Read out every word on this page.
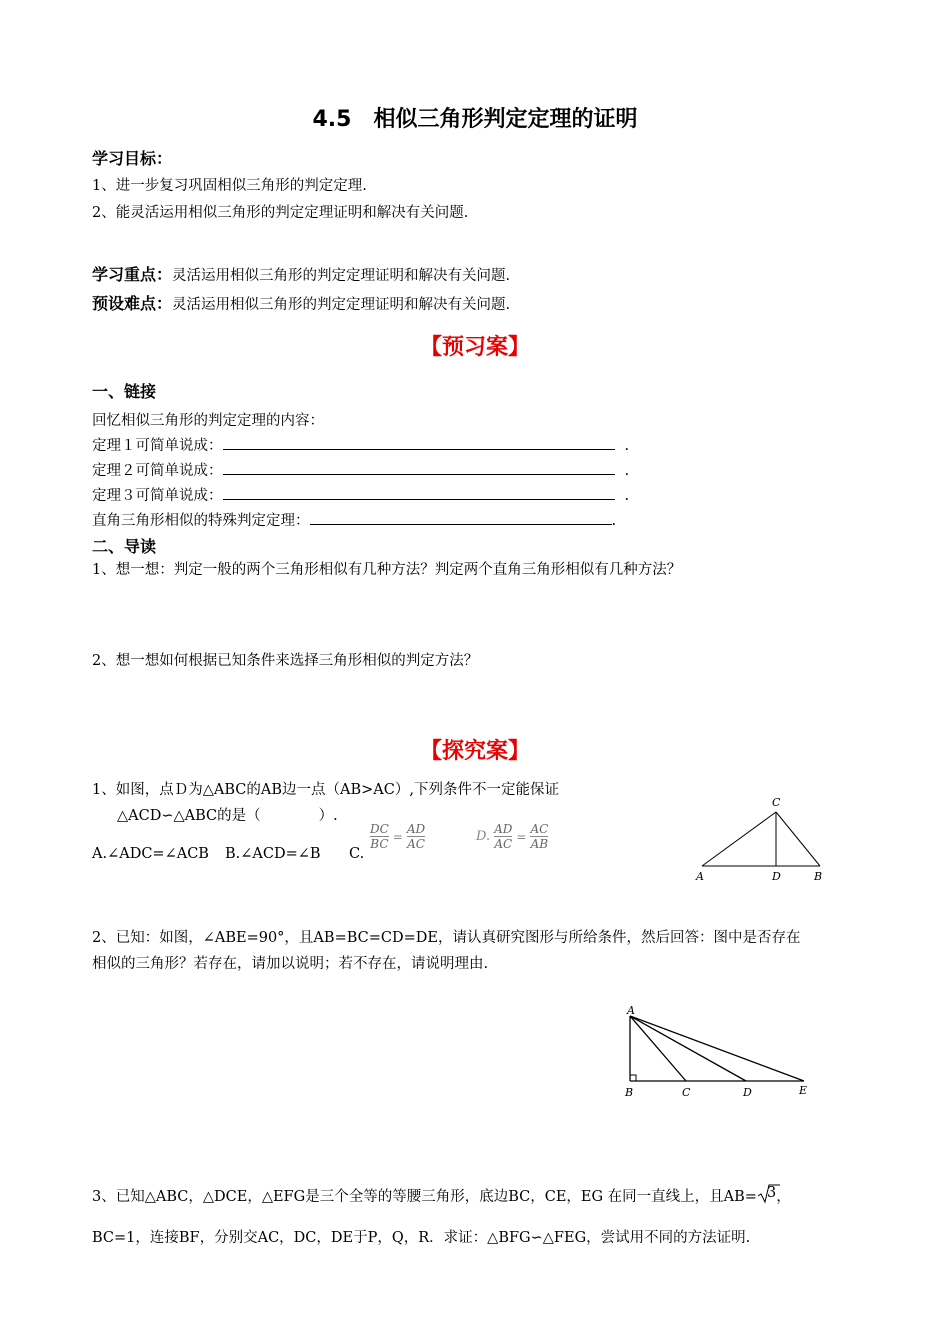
4.5　相似三角形判定定理的证明
学习目标：
1、进一步复习巩固相似三角形的判定定理.
2、能灵活运用相似三角形的判定定理证明和解决有关问题.
学习重点：灵活运用相似三角形的判定定理证明和解决有关问题.
预设难点：灵活运用相似三角形的判定定理证明和解决有关问题.
【预习案】
一、链接
回忆相似三角形的判定定理的内容：
定理１可简单说成：	.
定理２可简单说成：	.
定理３可简单说成：	.
直角三角形相似的特殊判定定理：	.
二、导读
1、想一想：判定一般的两个三角形相似有几种方法？判定两个直角三角形相似有几种方法？
2、想一想如何根据已知条件来选择三角形相似的判定方法？
【探究案】
1、如图，点Ｄ为△ABC的AB边一点（AB>AC）,下列条件不一定能保证
△ACD∽△ABC的是（　　　　）.
A.∠ADC=∠ACB B.∠ACD=∠B C.
$\frac{DC}{BC} = \frac{AD}{AC}$	D. $\frac{AD}{AC} = \frac{AC}{AB}$
C
A	D	B
2、已知：如图，∠ABE=90°，且AB=BC=CD=DE，请认真研究图形与所给条件，然后回答：图中是否存在
相似的三角形？若存在，请加以说明；若不存在，请说明理由.
A
B	C	D	E
3、已知△ABC，△DCE，△EFG是三个全等的等腰三角形，底边BC，CE，EG 在同一直线上，且AB= 3，
BC=1，连接BF，分别交AC，DC，DE于P，Q，R．求证：△BFG∽△FEG，尝试用不同的方法证明.
